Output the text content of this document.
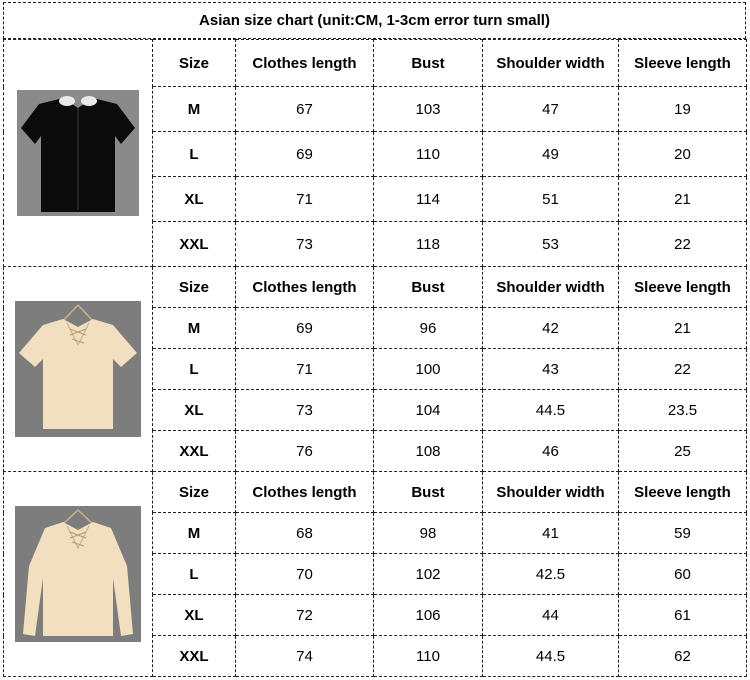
Asian size chart (unit:CM, 1-3cm error turn small)
	Size	Clothes length	Bust	Shoulder width	Sleeve length
	M	67	103	47	19
	L	69	110	49	20
	XL	71	114	51	21
	XXL	73	118	53	22

	Size	Clothes length	Bust	Shoulder width	Sleeve length
	M	69	96	42	21
	L	71	100	43	22
	XL	73	104	44.5	23.5
	XXL	76	108	46	25

	Size	Clothes length	Bust	Shoulder width	Sleeve length
	M	68	98	41	59
	L	70	102	42.5	60
	XL	72	106	44	61
	XXL	74	110	44.5	62
